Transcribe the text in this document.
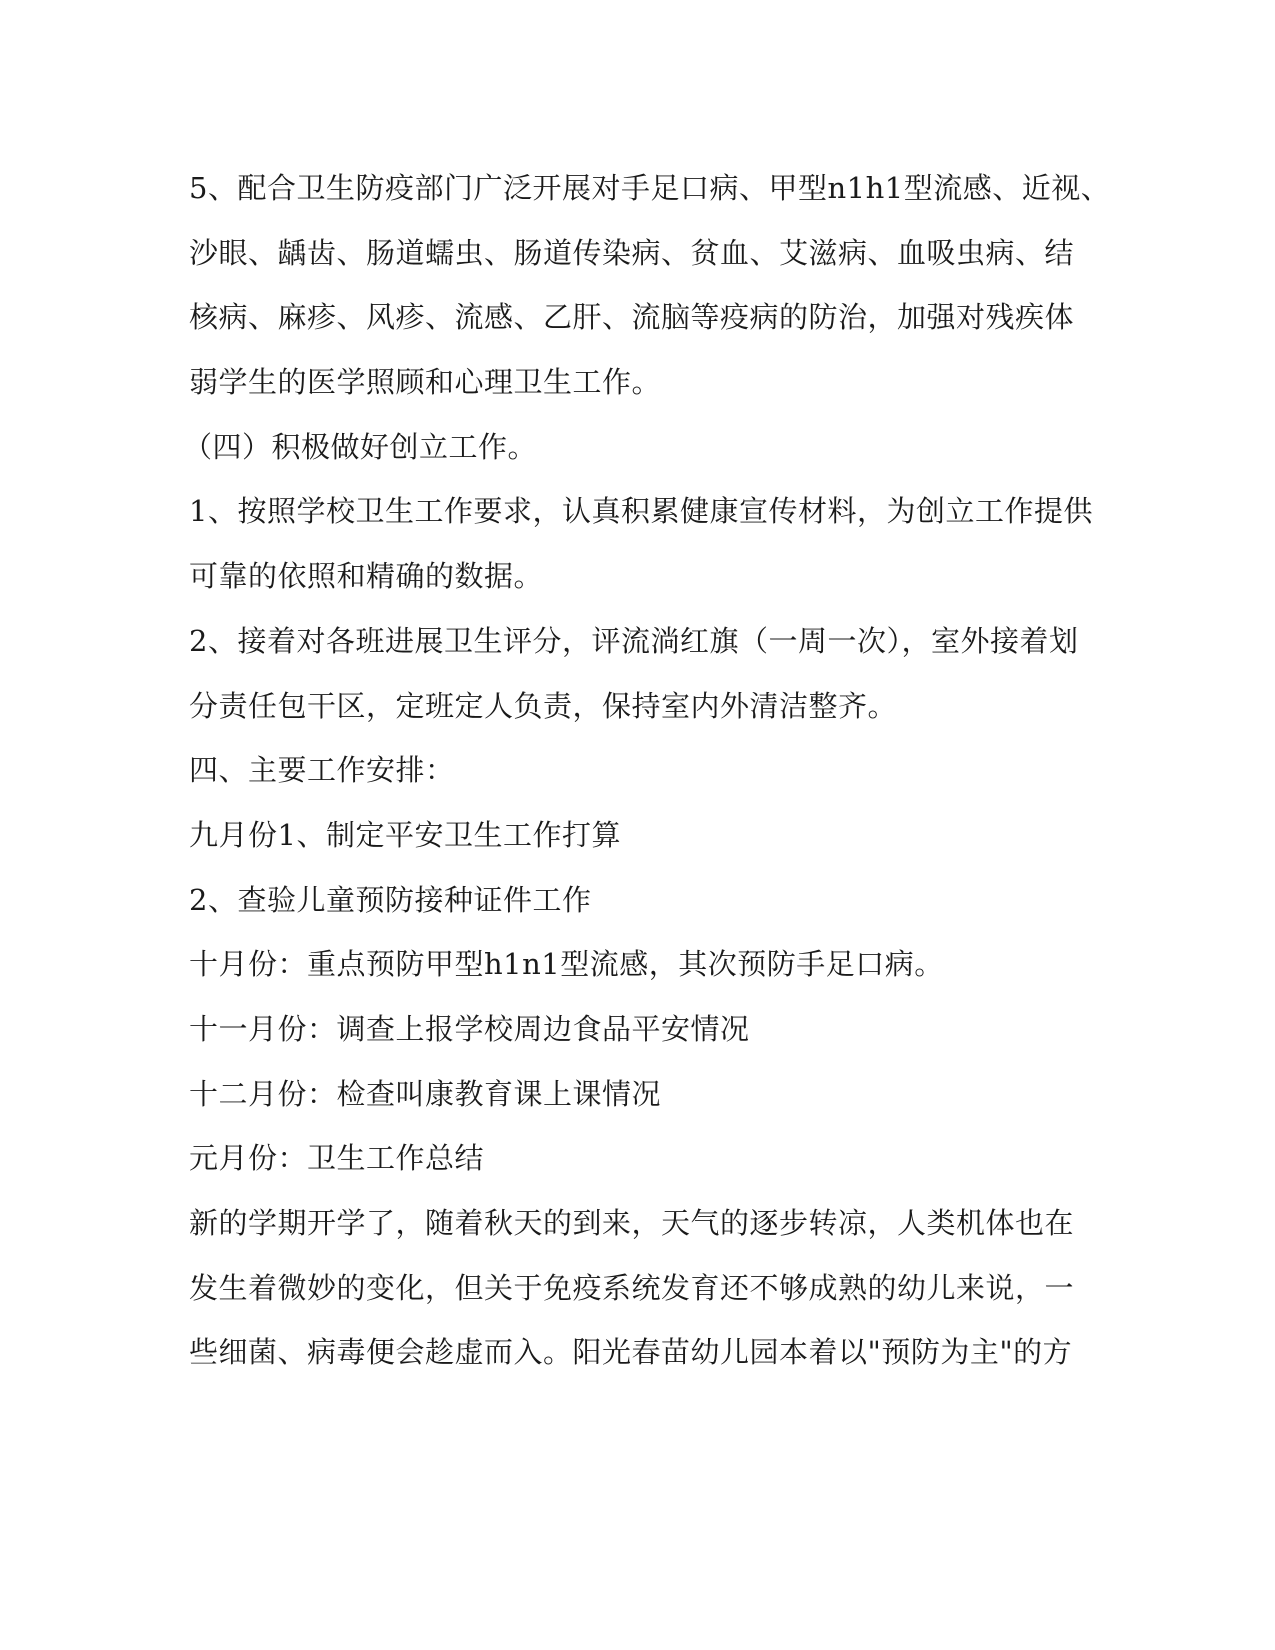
5、配合卫生防疫部门广泛开展对手足口病、甲型n1h1型流感、近视、
沙眼、龋齿、肠道蠕虫、肠道传染病、贫血、艾滋病、血吸虫病、结
核病、麻疹、风疹、流感、乙肝、流脑等疫病的防治，加强对残疾体
弱学生的医学照顾和心理卫生工作。
（四）积极做好创立工作。
1、按照学校卫生工作要求，认真积累健康宣传材料，为创立工作提供
可靠的依照和精确的数据。
2、接着对各班进展卫生评分，评流淌红旗（一周一次），室外接着划
分责任包干区，定班定人负责，保持室内外清洁整齐。
四、主要工作安排：
九月份1、制定平安卫生工作打算
2、查验儿童预防接种证件工作
十月份：重点预防甲型h1n1型流感，其次预防手足口病。
十一月份：调查上报学校周边食品平安情况
十二月份：检查叫康教育课上课情况
元月份：卫生工作总结
新的学期开学了，随着秋天的到来，天气的逐步转凉，人类机体也在
发生着微妙的变化，但关于免疫系统发育还不够成熟的幼儿来说，一
些细菌、病毒便会趁虚而入。阳光春苗幼儿园本着以"预防为主"的方
